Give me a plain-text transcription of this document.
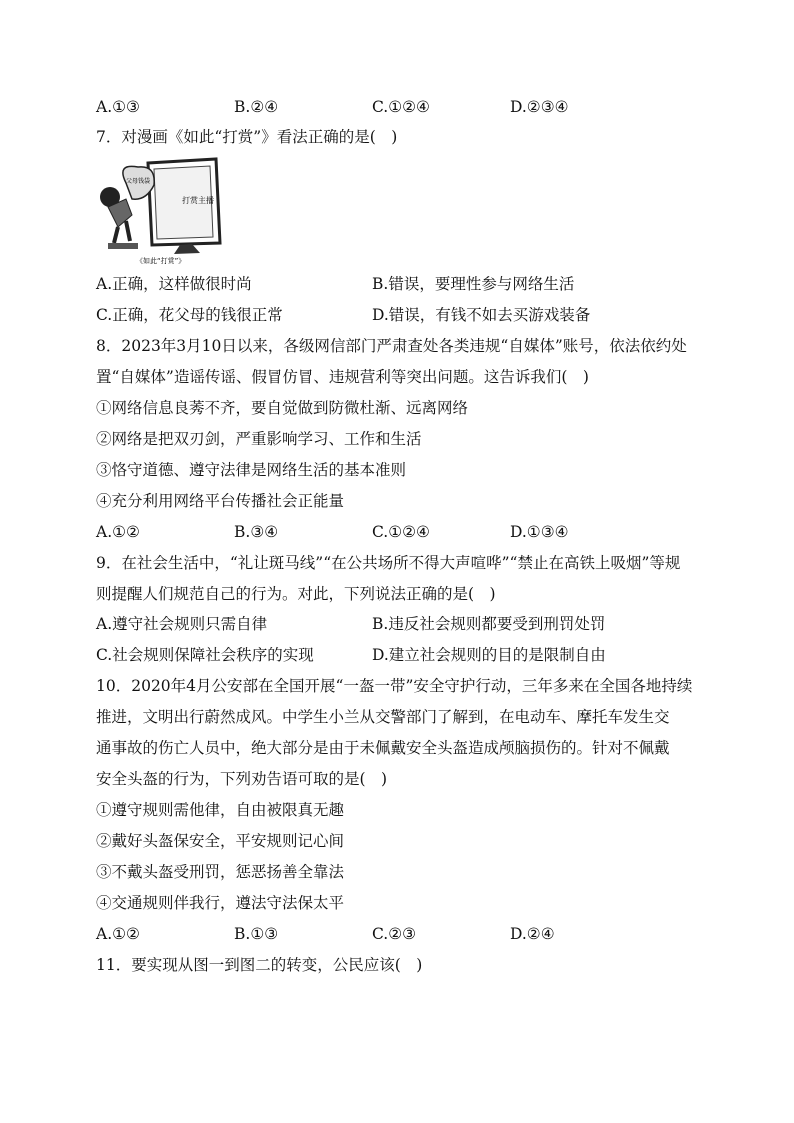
A.①③	B.②④	C.①②④	D.②③④
7．对漫画《如此“打赏”》看法正确的是(　)
打赏主播
父母钱袋
《如此“打赏”》
A.正确，这样做很时尚	B.错误，要理性参与网络生活
C.正确，花父母的钱很正常	D.错误，有钱不如去买游戏装备
8．2023年3月10日以来，各级网信部门严肃查处各类违规“自媒体”账号，依法依约处
置“自媒体”造谣传谣、假冒仿冒、违规营利等突出问题。这告诉我们(　)
①网络信息良莠不齐，要自觉做到防微杜渐、远离网络
②网络是把双刃剑，严重影响学习、工作和生活
③恪守道德、遵守法律是网络生活的基本准则
④充分利用网络平台传播社会正能量
A.①②	B.③④	C.①②④	D.①③④
9．在社会生活中，“礼让斑马线”“在公共场所不得大声喧哗”“禁止在高铁上吸烟”等规
则提醒人们规范自己的行为。对此，下列说法正确的是(　)
A.遵守社会规则只需自律	B.违反社会规则都要受到刑罚处罚
C.社会规则保障社会秩序的实现	D.建立社会规则的目的是限制自由
10．2020年4月公安部在全国开展“一盔一带”安全守护行动，三年多来在全国各地持续
推进，文明出行蔚然成风。中学生小兰从交警部门了解到，在电动车、摩托车发生交
通事故的伤亡人员中，绝大部分是由于未佩戴安全头盔造成颅脑损伤的。针对不佩戴
安全头盔的行为，下列劝告语可取的是(　)
①遵守规则需他律，自由被限真无趣
②戴好头盔保安全，平安规则记心间
③不戴头盔受刑罚，惩恶扬善全靠法
④交通规则伴我行，遵法守法保太平
A.①②	B.①③	C.②③	D.②④
11．要实现从图一到图二的转变，公民应该(　)
